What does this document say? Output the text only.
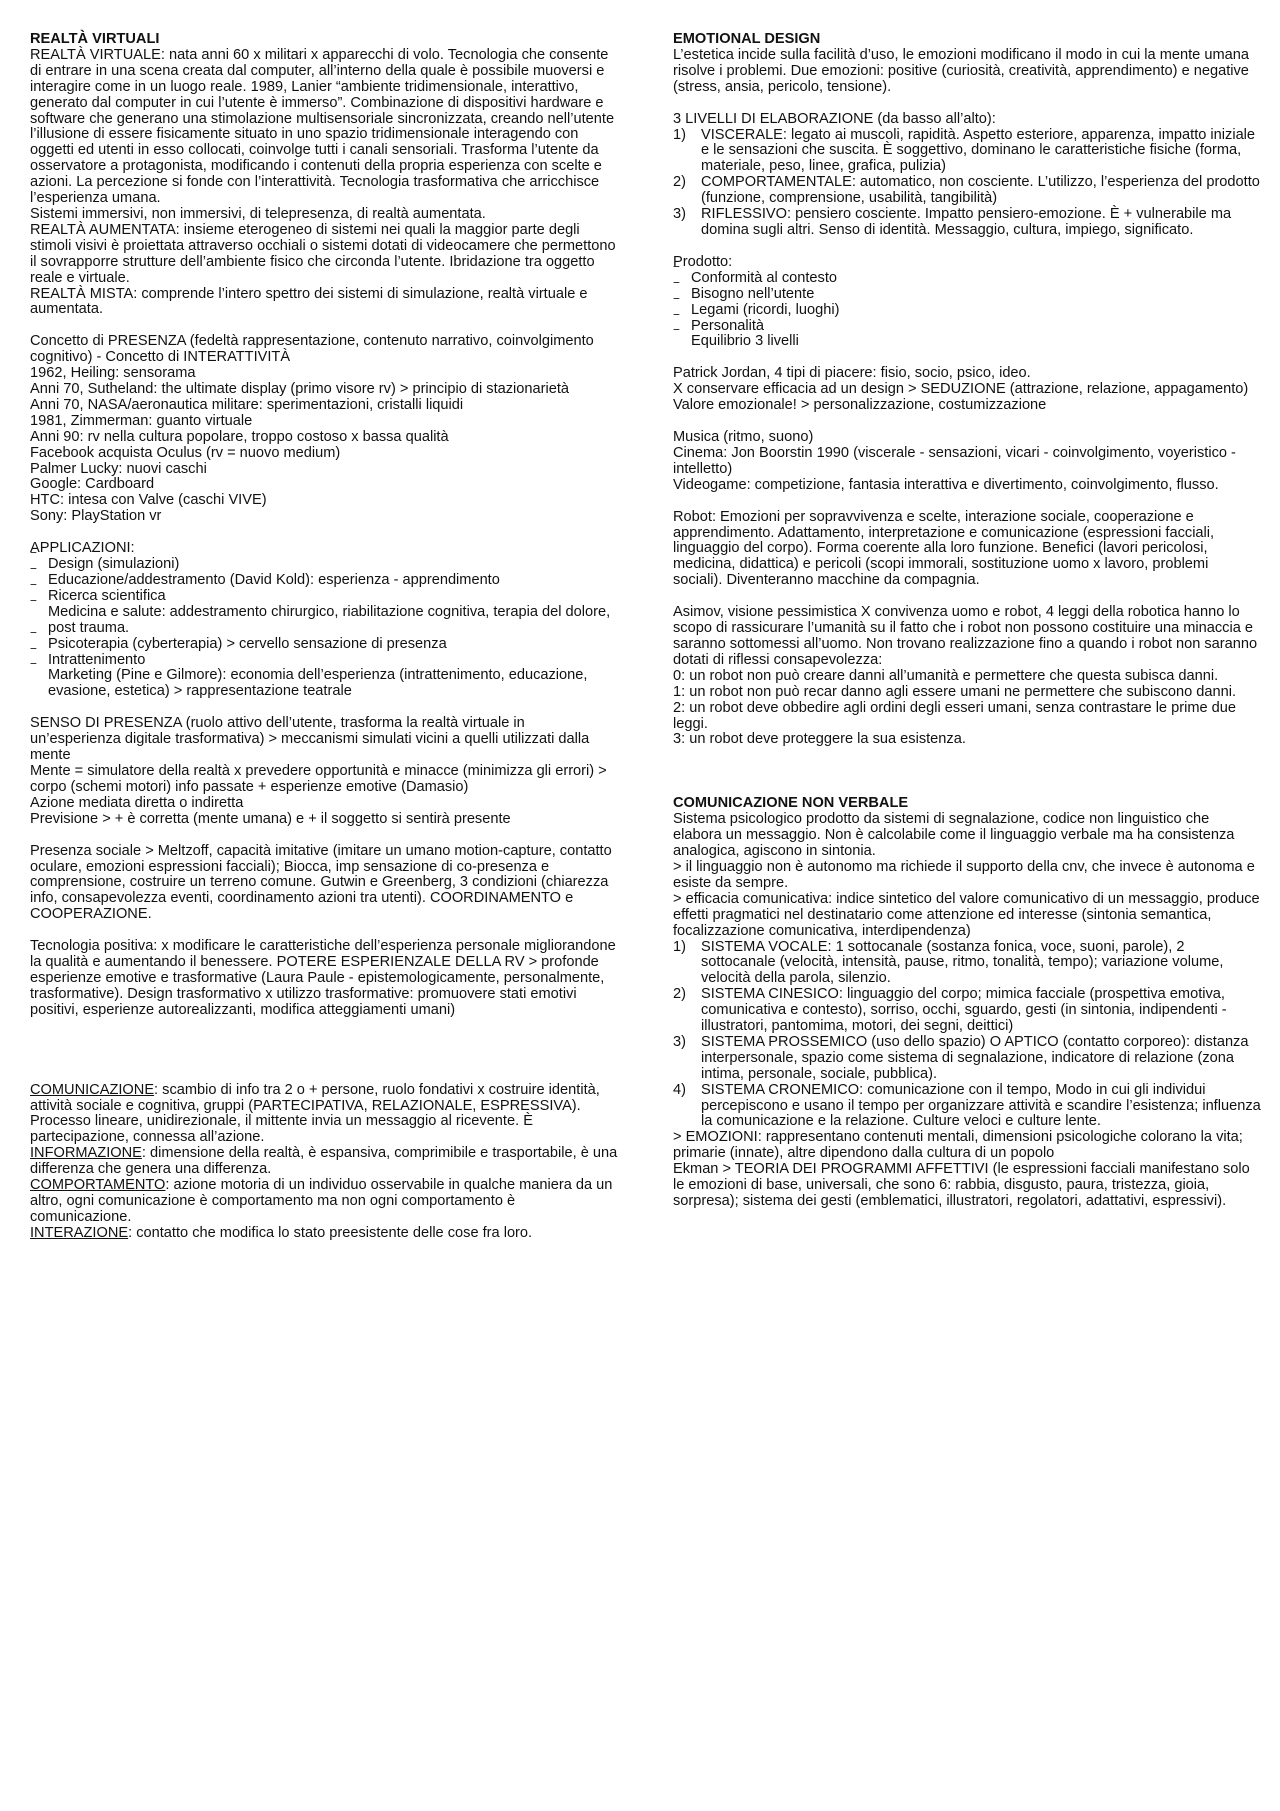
REALTÀ VIRTUALI

REALTÀ VIRTUALE: nata anni 60 x militari x apparecchi di volo. Tecnologia che consente di entrare in una scena creata dal computer, all’interno della quale è possibile muoversi e interagire come in un luogo reale. 1989, Lanier “ambiente tridimensionale, interattivo, generato dal computer in cui l’utente è immerso”. Combinazione di dispositivi hardware e software che generano una stimolazione multisensoriale sincronizzata, creando nell’utente l’illusione di essere fisicamente situato in uno spazio tridimensionale interagendo con oggetti ed utenti in esso collocati, coinvolge tutti i canali sensoriali. Trasforma l’utente da osservatore a protagonista, modificando i contenuti della propria esperienza con scelte e azioni. La percezione si fonde con l’interattività. Tecnologia trasformativa che arricchisce l’esperienza umana.

Sistemi immersivi, non immersivi, di telepresenza, di realtà aumentata.

REALTÀ AUMENTATA: insieme eterogeneo di sistemi nei quali la maggior parte degli stimoli visivi è proiettata attraverso occhiali o sistemi dotati di videocamere che permettono il sovrapporre strutture dell’ambiente fisico che circonda l’utente. Ibridazione tra oggetto reale e virtuale.

REALTÀ MISTA: comprende l’intero spettro dei sistemi di simulazione, realtà virtuale e aumentata.

Concetto di PRESENZA (fedeltà rappresentazione, contenuto narrativo, coinvolgimento cognitivo) - Concetto di INTERATTIVITÀ

1962, Heiling: sensorama

Anni 70, Sutheland: the ultimate display (primo visore rv) > principio di stazionarietà

Anni 70, NASA/aeronautica militare: sperimentazioni, cristalli liquidi

1981, Zimmerman: guanto virtuale

Anni 90: rv nella cultura popolare, troppo costoso x bassa qualità

Facebook acquista Oculus (rv = nuovo medium)

Palmer Lucky: nuovi caschi

Google: Cardboard

HTC: intesa con Valve (caschi VIVE)

Sony: PlayStation vr

APPLICAZIONI:

‾ Design (simulazioni)
‾ Educazione/addestramento (David Kold): esperienza - apprendimento
‾ Ricerca scientifica
‾ Medicina e salute: addestramento chirurgico, riabilitazione cognitiva, terapia del dolore, post trauma.
‾ Psicoterapia (cyberterapia) > cervello sensazione di presenza
‾ Intrattenimento
‾ Marketing (Pine e Gilmore): economia dell’esperienza (intrattenimento, educazione, evasione, estetica) > rappresentazione teatrale

SENSO DI PRESENZA (ruolo attivo dell’utente, trasforma la realtà virtuale in un’esperienza digitale trasformativa) > meccanismi simulati vicini a quelli utilizzati dalla mente

Mente = simulatore della realtà x prevedere opportunità e minacce (minimizza gli errori) > corpo (schemi motori) info passate + esperienze emotive (Damasio)

Azione mediata diretta o indiretta

Previsione > + è corretta (mente umana) e + il soggetto si sentirà presente

Presenza sociale > Meltzoff, capacità imitative (imitare un umano motion-capture, contatto oculare, emozioni espressioni facciali); Biocca, imp sensazione di co-presenza e comprensione, costruire un terreno comune. Gutwin e Greenberg, 3 condizioni (chiarezza info, consapevolezza eventi, coordinamento azioni tra utenti). COORDINAMENTO e COOPERAZIONE.

Tecnologia positiva: x modificare le caratteristiche dell’esperienza personale migliorandone la qualità e aumentando il benessere. POTERE ESPERIENZALE DELLA RV > profonde esperienze emotive e trasformative (Laura Paule - epistemologicamente, personalmente, trasformative). Design trasformativo x utilizzo trasformative: promuovere stati emotivi positivi, esperienze autorealizzanti, modifica atteggiamenti umani)

COMUNICAZIONE: scambio di info tra 2 o + persone, ruolo fondativi x costruire identità, attività sociale e cognitiva, gruppi (PARTECIPATIVA, RELAZIONALE, ESPRESSIVA). Processo lineare, unidirezionale, il mittente invia un messaggio al ricevente. È partecipazione, connessa all’azione.

INFORMAZIONE: dimensione della realtà, è espansiva, comprimibile e trasportabile, è una differenza che genera una differenza.

COMPORTAMENTO: azione motoria di un individuo osservabile in qualche maniera da un altro, ogni comunicazione è comportamento ma non ogni comportamento è comunicazione.

INTERAZIONE: contatto che modifica lo stato preesistente delle cose fra loro.

EMOTIONAL DESIGN

L’estetica incide sulla facilità d’uso, le emozioni modificano il modo in cui la mente umana risolve i problemi. Due emozioni: positive (curiosità, creatività, apprendimento) e negative (stress, ansia, pericolo, tensione).

3 LIVELLI DI ELABORAZIONE (da basso all’alto):

1) VISCERALE: legato ai muscoli, rapidità. Aspetto esteriore, apparenza, impatto iniziale e le sensazioni che suscita. È soggettivo, dominano le caratteristiche fisiche (forma, materiale, peso, linee, grafica, pulizia)
2) COMPORTAMENTALE: automatico, non cosciente. L’utilizzo, l’esperienza del prodotto (funzione, comprensione, usabilità, tangibilità)
3) RIFLESSIVO: pensiero cosciente. Impatto pensiero-emozione. È + vulnerabile ma domina sugli altri. Senso di identità. Messaggio, cultura, impiego, significato.

Prodotto:

‾ Conformità al contesto
‾ Bisogno nell’utente
‾ Legami (ricordi, luoghi)
‾ Personalità
‾ Equilibrio 3 livelli

Patrick Jordan, 4 tipi di piacere: fisio, socio, psico, ideo.

X conservare efficacia ad un design > SEDUZIONE (attrazione, relazione, appagamento)

Valore emozionale! > personalizzazione, costumizzazione

Musica (ritmo, suono)

Cinema: Jon Boorstin 1990 (viscerale - sensazioni, vicari - coinvolgimento, voyeristico - intelletto)

Videogame: competizione, fantasia interattiva e divertimento, coinvolgimento, flusso.

Robot: Emozioni per sopravvivenza e scelte, interazione sociale, cooperazione e apprendimento. Adattamento, interpretazione e comunicazione (espressioni facciali, linguaggio del corpo). Forma coerente alla loro funzione. Benefici (lavori pericolosi, medicina, didattica) e pericoli (scopi immorali, sostituzione uomo x lavoro, problemi sociali). Diventeranno macchine da compagnia.

Asimov, visione pessimistica X convivenza uomo e robot, 4 leggi della robotica hanno lo scopo di rassicurare l’umanità su il fatto che i robot non possono costituire una minaccia e saranno sottomessi all’uomo. Non trovano realizzazione fino a quando i robot non saranno dotati di riflessi consapevolezza:

0: un robot non può creare danni all’umanità e permettere che questa subisca danni.

1: un robot non può recar danno agli essere umani ne permettere che subiscono danni.

2: un robot deve obbedire agli ordini degli esseri umani, senza contrastare le prime due leggi.

3: un robot deve proteggere la sua esistenza.

COMUNICAZIONE NON VERBALE

Sistema psicologico prodotto da sistemi di segnalazione, codice non linguistico che elabora un messaggio. Non è calcolabile come il linguaggio verbale ma ha consistenza analogica, agiscono in sintonia.

> il linguaggio non è autonomo ma richiede il supporto della cnv, che invece è autonoma e esiste da sempre.

> efficacia comunicativa: indice sintetico del valore comunicativo di un messaggio, produce effetti pragmatici nel destinatario come attenzione ed interesse (sintonia semantica, focalizzazione comunicativa, interdipendenza)

1) SISTEMA VOCALE: 1 sottocanale (sostanza fonica, voce, suoni, parole), 2 sottocanale (velocità, intensità, pause, ritmo, tonalità, tempo); variazione volume, velocità della parola, silenzio.
2) SISTEMA CINESICO: linguaggio del corpo; mimica facciale (prospettiva emotiva, comunicativa e contesto), sorriso, occhi, sguardo, gesti (in sintonia, indipendenti - illustratori, pantomima, motori, dei segni, deittici)
3) SISTEMA PROSSEMICO (uso dello spazio) O APTICO (contatto corporeo): distanza interpersonale, spazio come sistema di segnalazione, indicatore di relazione (zona intima, personale, sociale, pubblica).
4) SISTEMA CRONEMICO: comunicazione con il tempo, Modo in cui gli individui percepiscono e usano il tempo per organizzare attività e scandire l’esistenza; influenza la comunicazione e la relazione. Culture veloci e culture lente.

> EMOZIONI: rappresentano contenuti mentali, dimensioni psicologiche colorano la vita; primarie (innate), altre dipendono dalla cultura di un popolo

Ekman > TEORIA DEI PROGRAMMI AFFETTIVI (le espressioni facciali manifestano solo le emozioni di base, universali, che sono 6: rabbia, disgusto, paura, tristezza, gioia, sorpresa); sistema dei gesti (emblematici, illustratori, regolatori, adattativi, espressivi).
